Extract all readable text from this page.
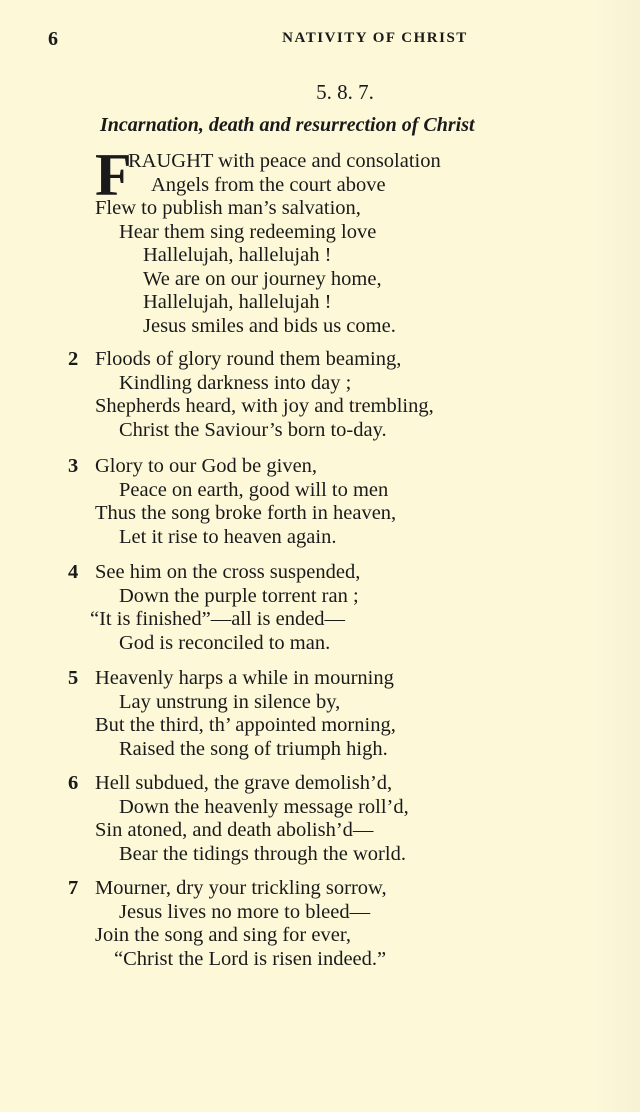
6	NATIVITY OF CHRIST
5. 8. 7.
Incarnation, death and resurrection of Christ
F
RAUGHT with peace and consolation
Angels from the court above
Flew to publish man’s salvation,
Hear them sing redeeming love
Hallelujah, hallelujah !
We are on our journey home,
Hallelujah, hallelujah !
Jesus smiles and bids us come.
2 Floods of glory round them beaming,
Kindling darkness into day ;
Shepherds heard, with joy and trembling,
Christ the Saviour’s born to-day.
3 Glory to our God be given,
Peace on earth, good will to men
Thus the song broke forth in heaven,
Let it rise to heaven again.
4 See him on the cross suspended,
Down the purple torrent ran ;
“It is finished”—all is ended—
God is reconciled to man.
5 Heavenly harps a while in mourning
Lay unstrung in silence by,
But the third, th’ appointed morning,
Raised the song of triumph high.
6 Hell subdued, the grave demolish’d,
Down the heavenly message roll’d,
Sin atoned, and death abolish’d—
Bear the tidings through the world.
7 Mourner, dry your trickling sorrow,
Jesus lives no more to bleed—
Join the song and sing for ever,
“Christ the Lord is risen indeed.”
